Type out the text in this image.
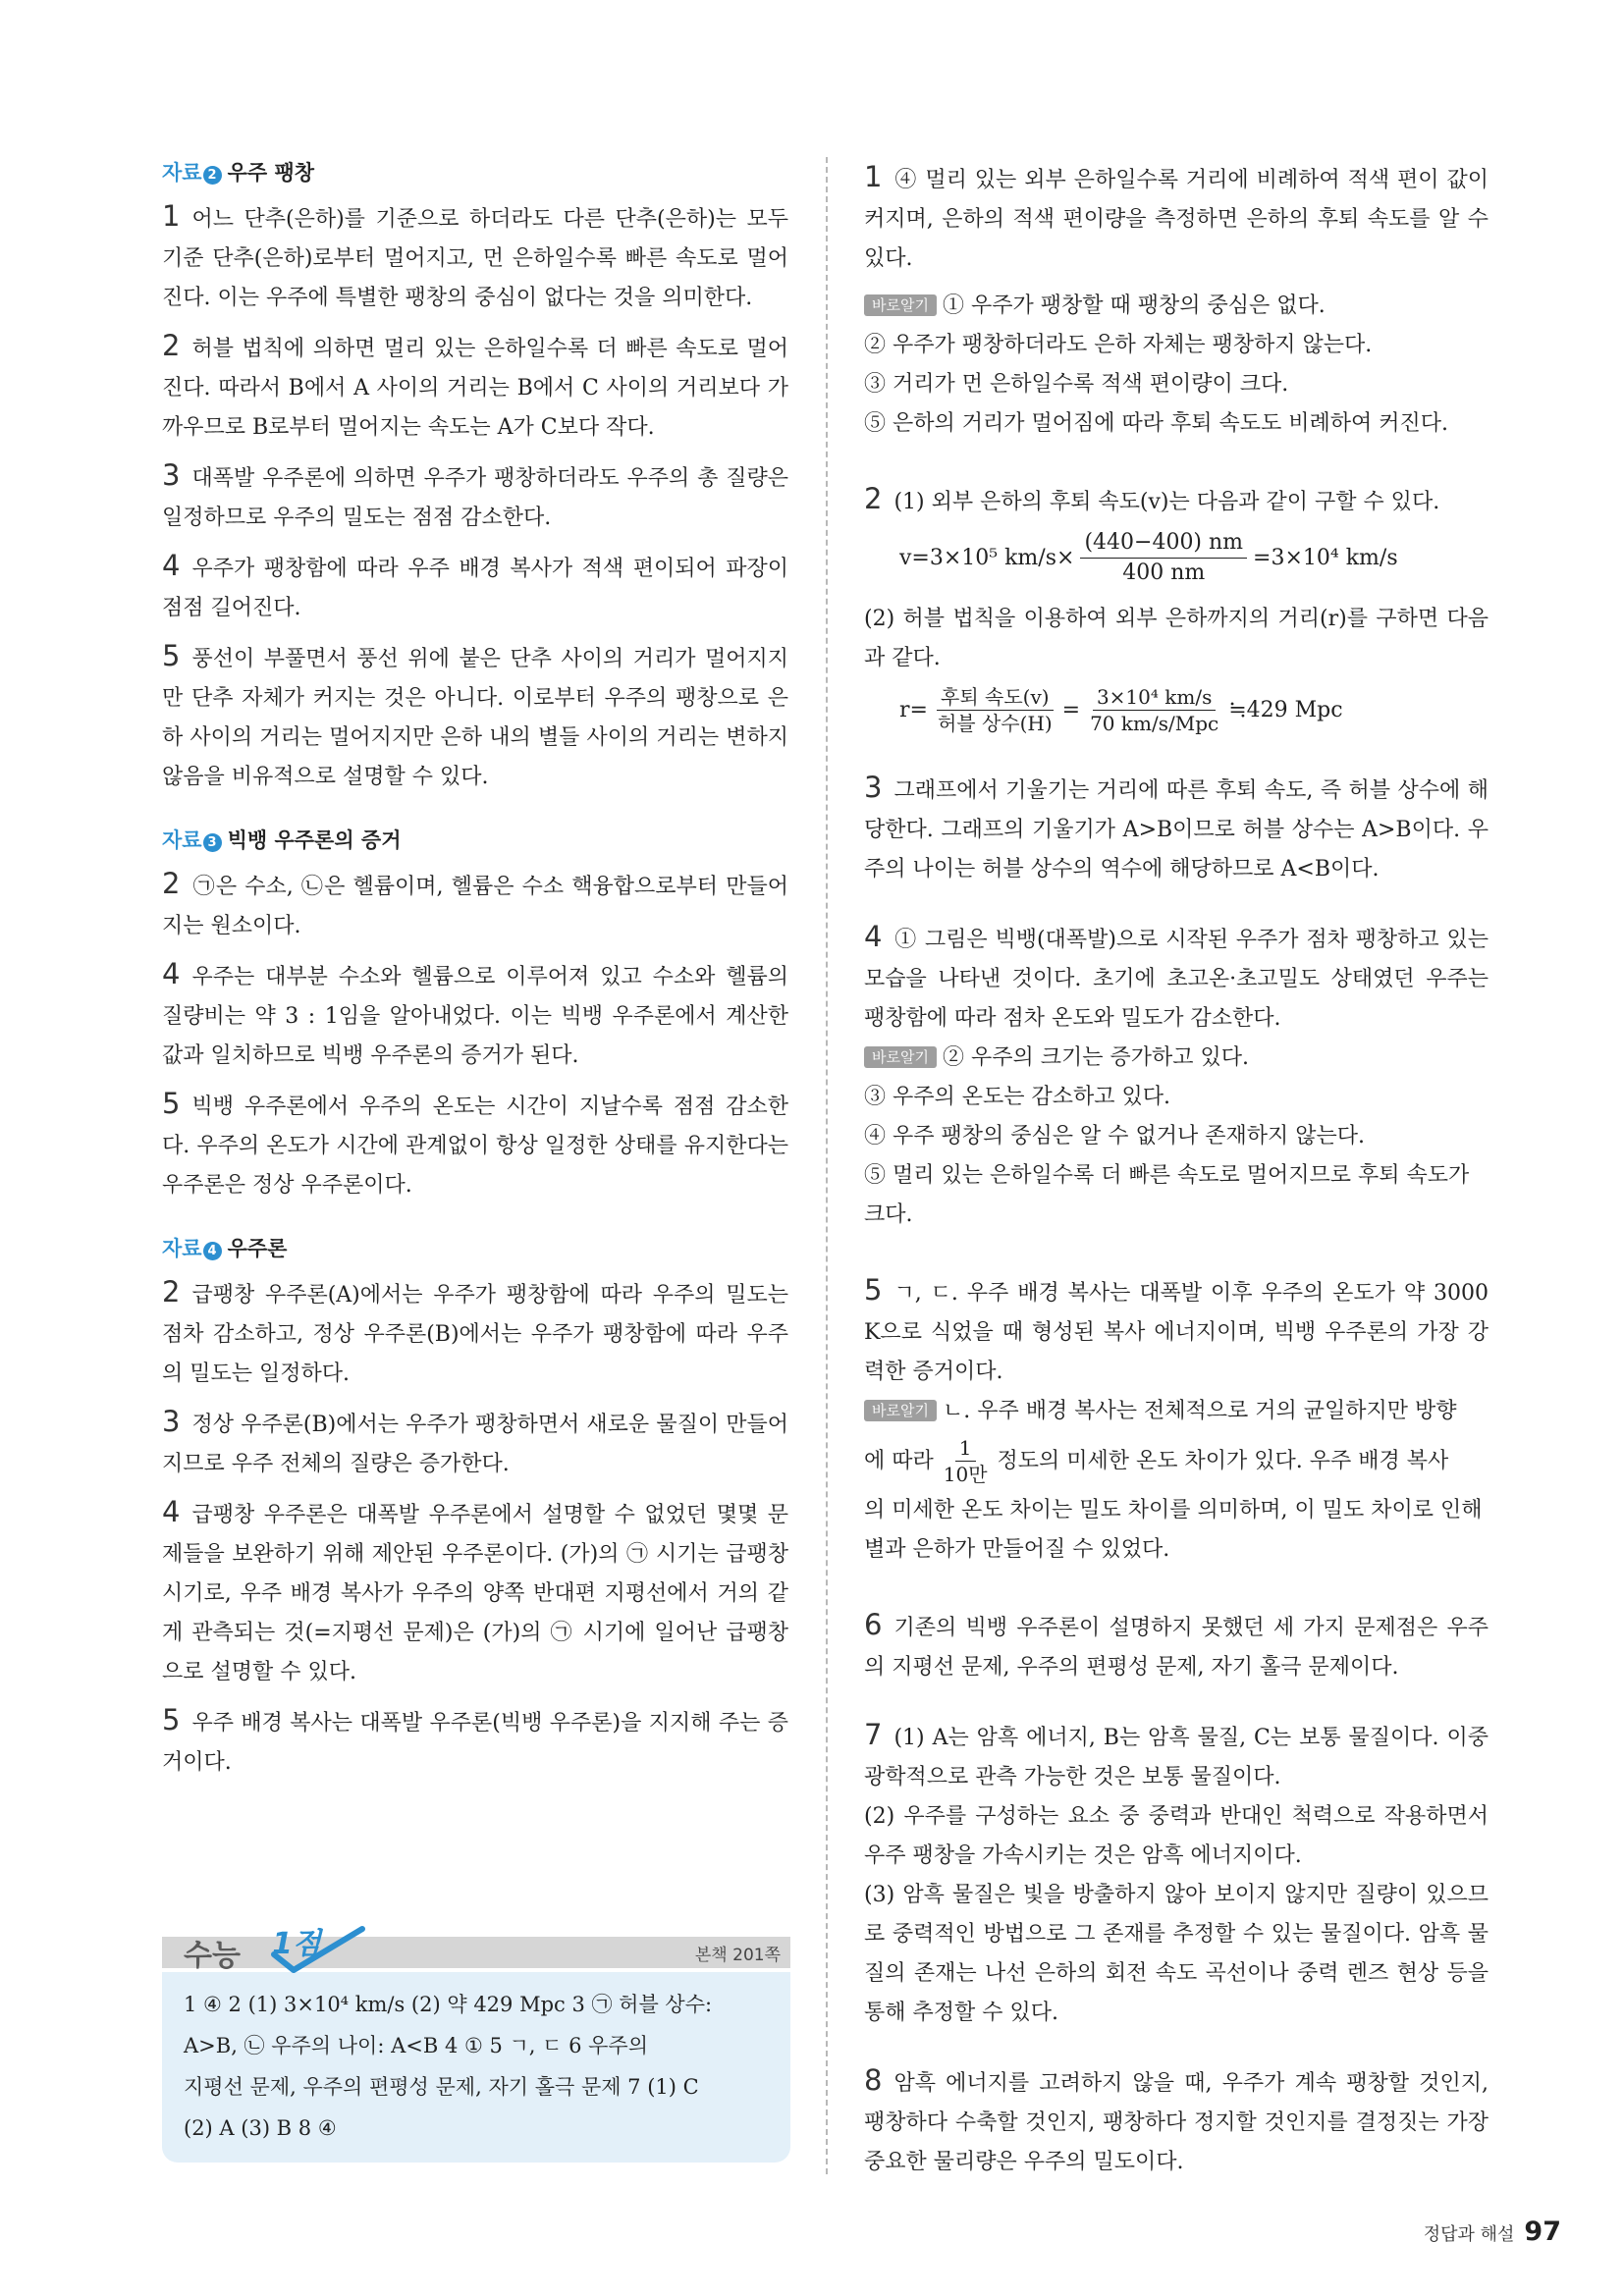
자료 2 우주 팽창

1 어느 단추(은하)를 기준으로 하더라도 다른 단추(은하)는 모두 기준 단추(은하)로부터 멀어지고, 먼 은하일수록 빠른 속도로 멀어진다. 이는 우주에 특별한 팽창의 중심이 없다는 것을 의미한다.

2 허블 법칙에 의하면 멀리 있는 은하일수록 더 빠른 속도로 멀어진다. 따라서 B에서 A 사이의 거리는 B에서 C 사이의 거리보다 가까우므로 B로부터 멀어지는 속도는 A가 C보다 작다.

3 대폭발 우주론에 의하면 우주가 팽창하더라도 우주의 총 질량은 일정하므로 우주의 밀도는 점점 감소한다.

4 우주가 팽창함에 따라 우주 배경 복사가 적색 편이되어 파장이 점점 길어진다.

5 풍선이 부풀면서 풍선 위에 붙은 단추 사이의 거리가 멀어지지만 단추 자체가 커지는 것은 아니다. 이로부터 우주의 팽창으로 은하 사이의 거리는 멀어지지만 은하 내의 별들 사이의 거리는 변하지 않음을 비유적으로 설명할 수 있다.

자료 3 빅뱅 우주론의 증거

2 ㉠은 수소, ㉡은 헬륨이며, 헬륨은 수소 핵융합으로부터 만들어지는 원소이다.

4 우주는 대부분 수소와 헬륨으로 이루어져 있고 수소와 헬륨의 질량비는 약 3 : 1임을 알아내었다. 이는 빅뱅 우주론에서 계산한 값과 일치하므로 빅뱅 우주론의 증거가 된다.

5 빅뱅 우주론에서 우주의 온도는 시간이 지날수록 점점 감소한다. 우주의 온도가 시간에 관계없이 항상 일정한 상태를 유지한다는 우주론은 정상 우주론이다.

자료 4 우주론

2 급팽창 우주론(A)에서는 우주가 팽창함에 따라 우주의 밀도는 점차 감소하고, 정상 우주론(B)에서는 우주가 팽창함에 따라 우주의 밀도는 일정하다.

3 정상 우주론(B)에서는 우주가 팽창하면서 새로운 물질이 만들어지므로 우주 전체의 질량은 증가한다.

4 급팽창 우주론은 대폭발 우주론에서 설명할 수 없었던 몇몇 문제들을 보완하기 위해 제안된 우주론이다. (가)의 ㉠ 시기는 급팽창 시기로, 우주 배경 복사가 우주의 양쪽 반대편 지평선에서 거의 같게 관측되는 것(=지평선 문제)은 (가)의 ㉠ 시기에 일어난 급팽창으로 설명할 수 있다.

5 우주 배경 복사는 대폭발 우주론(빅뱅 우주론)을 지지해 주는 증거이다.

수능 1점	본책 201쪽
1 ④ 2 (1) 3×10⁴ km/s (2) 약 429 Mpc 3 ㉠ 허블 상수:
A>B, ㉡ 우주의 나이: A<B 4 ① 5 ㄱ, ㄷ 6 우주의
지평선 문제, 우주의 편평성 문제, 자기 홀극 문제 7 (1) C
(2) A (3) B 8 ④

1 ④ 멀리 있는 외부 은하일수록 거리에 비례하여 적색 편이 값이 커지며, 은하의 적색 편이량을 측정하면 은하의 후퇴 속도를 알 수 있다.

바로알기 ① 우주가 팽창할 때 팽창의 중심은 없다.
② 우주가 팽창하더라도 은하 자체는 팽창하지 않는다.
③ 거리가 먼 은하일수록 적색 편이량이 크다.
⑤ 은하의 거리가 멀어짐에 따라 후퇴 속도도 비례하여 커진다.

2 (1) 외부 은하의 후퇴 속도(v)는 다음과 같이 구할 수 있다.

v=3×10⁵ $km/s\times \frac{(440-400) nm}{400 nm} =3\times 10^4$ km/s

(2) 허블 법칙을 이용하여 외부 은하까지의 거리(r)를 구하면 다음과 같다.

$r= \frac{\text{후퇴 속도(v)}}{\text{허블 상수(H)}} = \frac{\text{3×10⁴ km/s}}{\text{70 km/s/Mpc}}$ ≒429 Mpc

3 그래프에서 기울기는 거리에 따른 후퇴 속도, 즉 허블 상수에 해당한다. 그래프의 기울기가 A>B이므로 허블 상수는 A>B이다. 우주의 나이는 허블 상수의 역수에 해당하므로 A<B이다.

4 ① 그림은 빅뱅(대폭발)으로 시작된 우주가 점차 팽창하고 있는 모습을 나타낸 것이다. 초기에 초고온·초고밀도 상태였던 우주는 팽창함에 따라 점차 온도와 밀도가 감소한다.

바로알기 ② 우주의 크기는 증가하고 있다.
③ 우주의 온도는 감소하고 있다.
④ 우주 팽창의 중심은 알 수 없거나 존재하지 않는다.
⑤ 멀리 있는 은하일수록 더 빠른 속도로 멀어지므로 후퇴 속도가 크다.

5 ㄱ, ㄷ. 우주 배경 복사는 대폭발 이후 우주의 온도가 약 3000 K으로 식었을 때 형성된 복사 에너지이며, 빅뱅 우주론의 가장 강력한 증거이다.

바로알기 ㄴ. 우주 배경 복사는 전체적으로 거의 균일하지만 방향
에 따라 $\frac{1}{\text{10만}}$ 정도의 미세한 온도 차이가 있다. 우주 배경 복사
의 미세한 온도 차이는 밀도 차이를 의미하며, 이 밀도 차이로 인해 별과 은하가 만들어질 수 있었다.

6 기존의 빅뱅 우주론이 설명하지 못했던 세 가지 문제점은 우주의 지평선 문제, 우주의 편평성 문제, 자기 홀극 문제이다.

7 (1) A는 암흑 에너지, B는 암흑 물질, C는 보통 물질이다. 이중 광학적으로 관측 가능한 것은 보통 물질이다.

(2) 우주를 구성하는 요소 중 중력과 반대인 척력으로 작용하면서 우주 팽창을 가속시키는 것은 암흑 에너지이다.

(3) 암흑 물질은 빛을 방출하지 않아 보이지 않지만 질량이 있으므로 중력적인 방법으로 그 존재를 추정할 수 있는 물질이다. 암흑 물질의 존재는 나선 은하의 회전 속도 곡선이나 중력 렌즈 현상 등을 통해 추정할 수 있다.

8 암흑 에너지를 고려하지 않을 때, 우주가 계속 팽창할 것인지, 팽창하다 수축할 것인지, 팽창하다 정지할 것인지를 결정짓는 가장 중요한 물리량은 우주의 밀도이다.

정답과 해설 97
